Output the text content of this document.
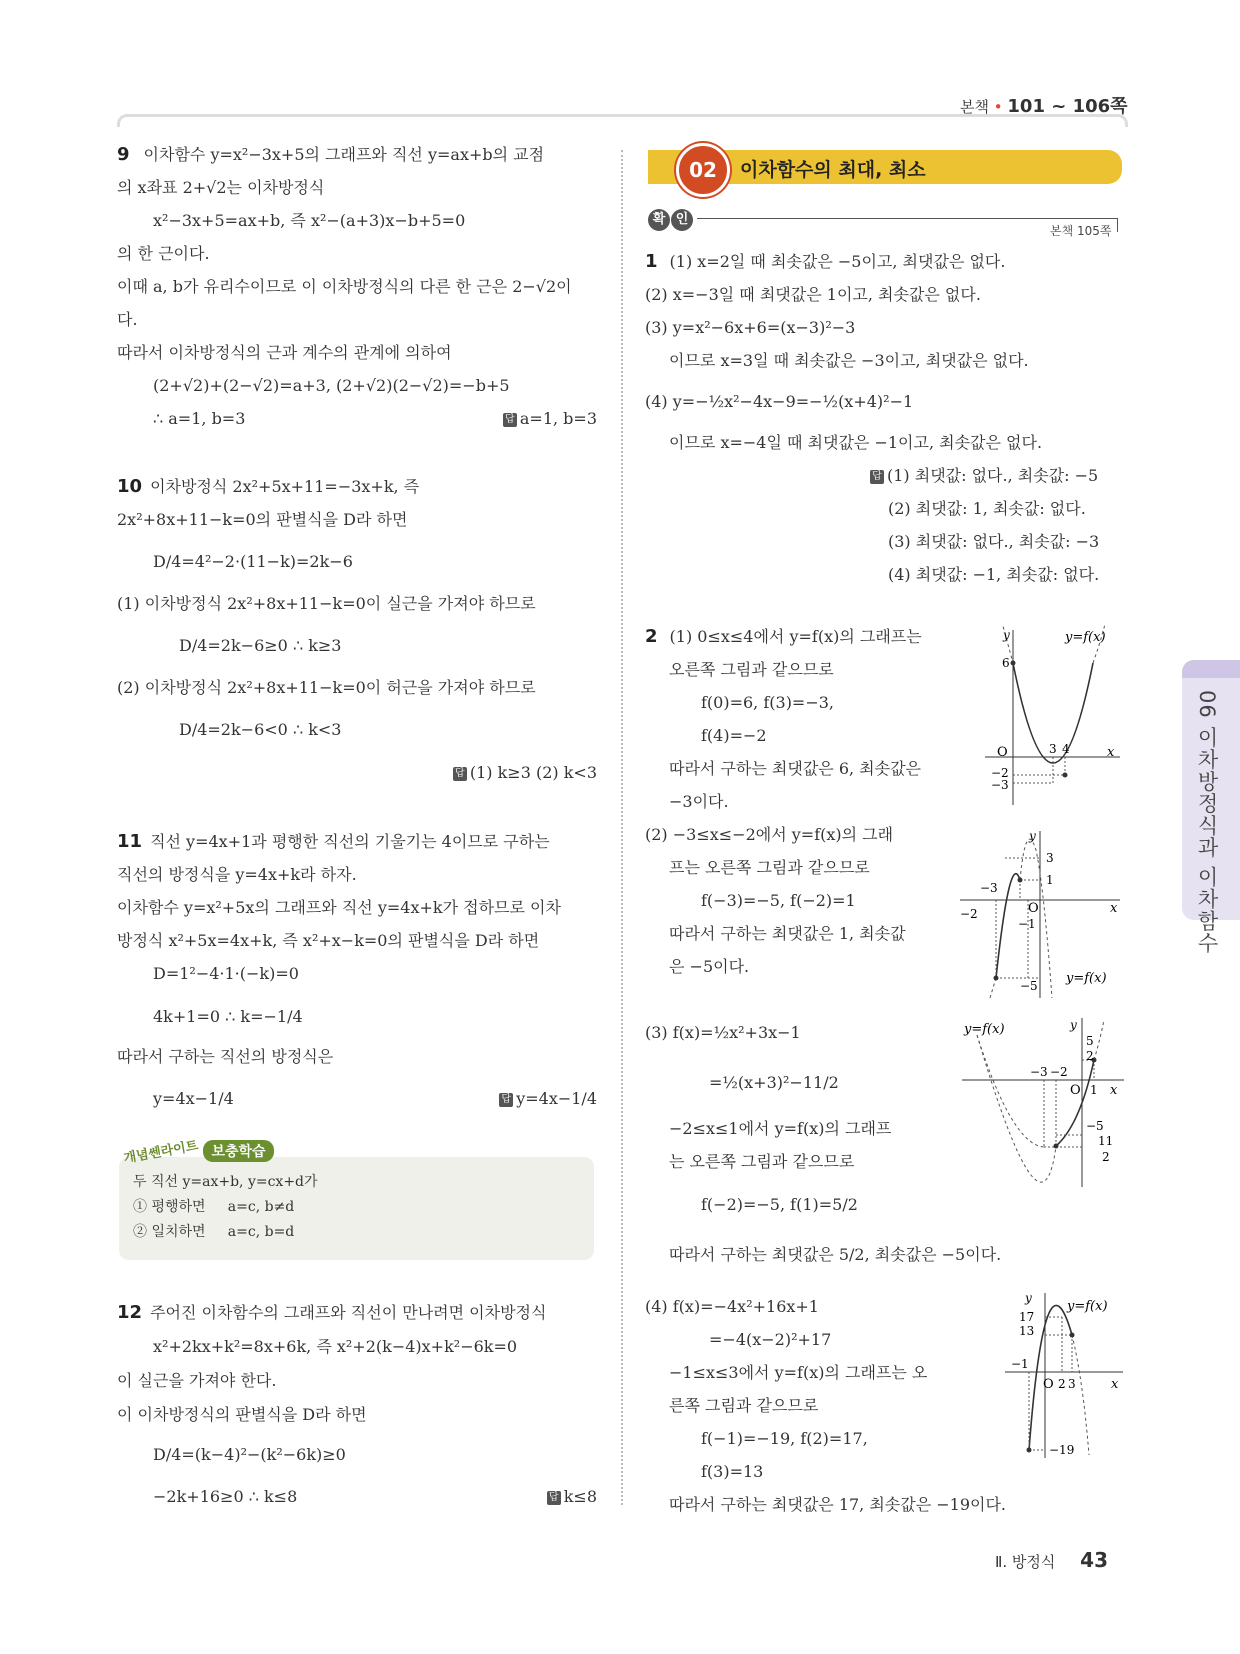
본책 • 101 ~ 106쪽
9 이차함수 y=x²−3x+5의 그래프와 직선 y=ax+b의 교점
의 x좌표 2+√2는 이차방정식
x²−3x+5=ax+b, 즉 x²−(a+3)x−b+5=0
의 한 근이다.
이때 a, b가 유리수이므로 이 이차방정식의 다른 한 근은 2−√2이
다.
따라서 이차방정식의 근과 계수의 관계에 의하여
(2+√2)+(2−√2)=a+3, (2+√2)(2−√2)=−b+5
∴ a=1, b=3	답 a=1, b=3
10 이차방정식 2x²+5x+11=−3x+k, 즉
2x²+8x+11−k=0의 판별식을 D라 하면
D/4=4²−2·(11−k)=2k−6
(1) 이차방정식 2x²+8x+11−k=0이 실근을 가져야 하므로
D/4=2k−6≥0 ∴ k≥3
(2) 이차방정식 2x²+8x+11−k=0이 허근을 가져야 하므로
D/4=2k−6<0 ∴ k<3
답 (1) k≥3 (2) k<3
11 직선 y=4x+1과 평행한 직선의 기울기는 4이므로 구하는
직선의 방정식을 y=4x+k라 하자.
이차함수 y=x²+5x의 그래프와 직선 y=4x+k가 접하므로 이차
방정식 x²+5x=4x+k, 즉 x²+x−k=0의 판별식을 D라 하면
D=1²−4·1·(−k)=0
4k+1=0 ∴ k=−1/4
따라서 구하는 직선의 방정식은
y=4x−1/4	답 y=4x−1/4
12 주어진 이차함수의 그래프와 직선이 만나려면 이차방정식
x²+2kx+k²=8x+6k, 즉 x²+2(k−4)x+k²−6k=0
이 실근을 가져야 한다.
이 이차방정식의 판별식을 D라 하면
D/4=(k−4)²−(k²−6k)≥0
−2k+16≥0 ∴ k≤8	답 k≤8
개념쎈라이트 보충학습
두 직선 y=ax+b, y=cx+d가
① 평행하면     a=c, b≠d
② 일치하면     a=c, b=d
02	이차함수의 최대, 최소
확 인
본책 105쪽
1 (1) x=2일 때 최솟값은 −5이고, 최댓값은 없다.
(2) x=−3일 때 최댓값은 1이고, 최솟값은 없다.
(3) y=x²−6x+6=(x−3)²−3
이므로 x=3일 때 최솟값은 −3이고, 최댓값은 없다.
(4) y=−½x²−4x−9=−½(x+4)²−1
이므로 x=−4일 때 최댓값은 −1이고, 최솟값은 없다.
답 (1) 최댓값: 없다., 최솟값: −5
(2) 최댓값: 1, 최솟값: 없다.
(3) 최댓값: 없다., 최솟값: −3
(4) 최댓값: −1, 최솟값: 없다.
2 (1) 0≤x≤4에서 y=f(x)의 그래프는
오른쪽 그림과 같으므로
f(0)=6, f(3)=−3,
f(4)=−2
따라서 구하는 최댓값은 6, 최솟값은
−3이다.
(2) −3≤x≤−2에서 y=f(x)의 그래
프는 오른쪽 그림과 같으므로
f(−3)=−5, f(−2)=1
따라서 구하는 최댓값은 1, 최솟값
은 −5이다.
(3) f(x)=½x²+3x−1
=½(x+3)²−11/2
−2≤x≤1에서 y=f(x)의 그래프
는 오른쪽 그림과 같으므로
f(−2)=−5, f(1)=5/2
따라서 구하는 최댓값은 5/2, 최솟값은 −5이다.
(4) f(x)=−4x²+16x+1
=−4(x−2)²+17
−1≤x≤3에서 y=f(x)의 그래프는 오
른쪽 그림과 같으므로
f(−1)=−19, f(2)=17,
f(3)=13
따라서 구하는 최댓값은 17, 최솟값은 −19이다.
y	y=f(x)
6
3 4
O	x
−2
−3
y
3
1
−3
O	x
−2
−1
−5 y=f(x)
y=f(x)	y
5
2
−3 −2
O 1 x
−5
11
2
y
y=f(x)
17
13
−1
O 2 3	x
−19
06 이차방정식과 이차함수
Ⅱ. 방정식 43
